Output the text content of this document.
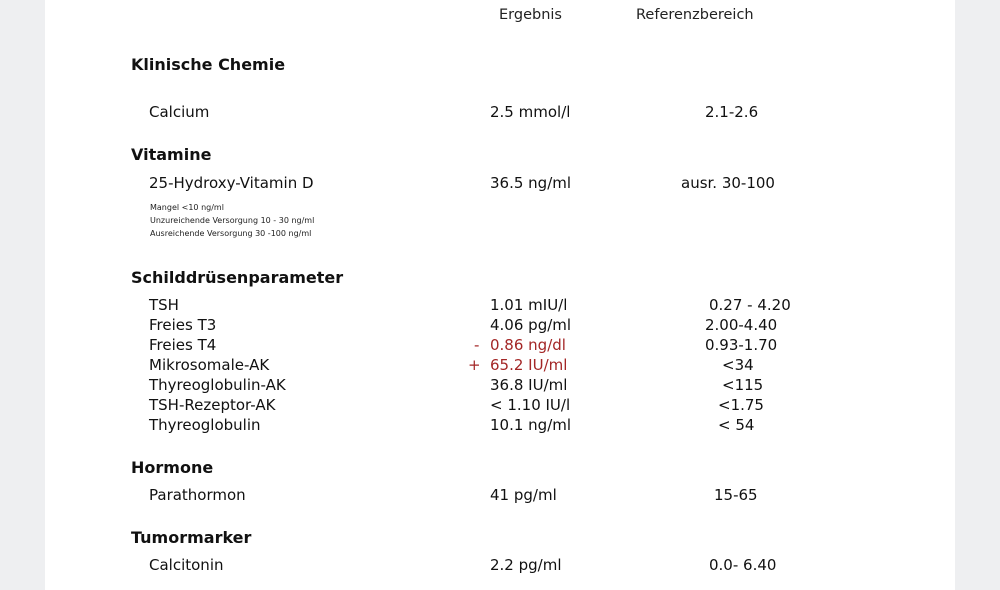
Ergebnis	Referenzbereich
Klinische Chemie
Calcium	2.5 mmol/l	2.1-2.6
Vitamine
25-Hydroxy-Vitamin D	36.5 ng/ml	ausr. 30-100
Mangel <10 ng/ml
Unzureichende Versorgung 10 - 30 ng/ml
Ausreichende Versorgung 30 -100 ng/ml
Schilddrüsenparameter
TSH	1.01 mIU/l	0.27 - 4.20
Freies T3	4.06 pg/ml	2.00-4.40
Freies T4	- 0.86 ng/dl	0.93-1.70
Mikrosomale-AK	+ 65.2 IU/ml	<34
Thyreoglobulin-AK	36.8 IU/ml	<115
TSH-Rezeptor-AK	< 1.10 IU/l	<1.75
Thyreoglobulin	10.1 ng/ml	< 54
Hormone
Parathormon	41 pg/ml	15-65
Tumormarker
Calcitonin	2.2 pg/ml	0.0- 6.40
